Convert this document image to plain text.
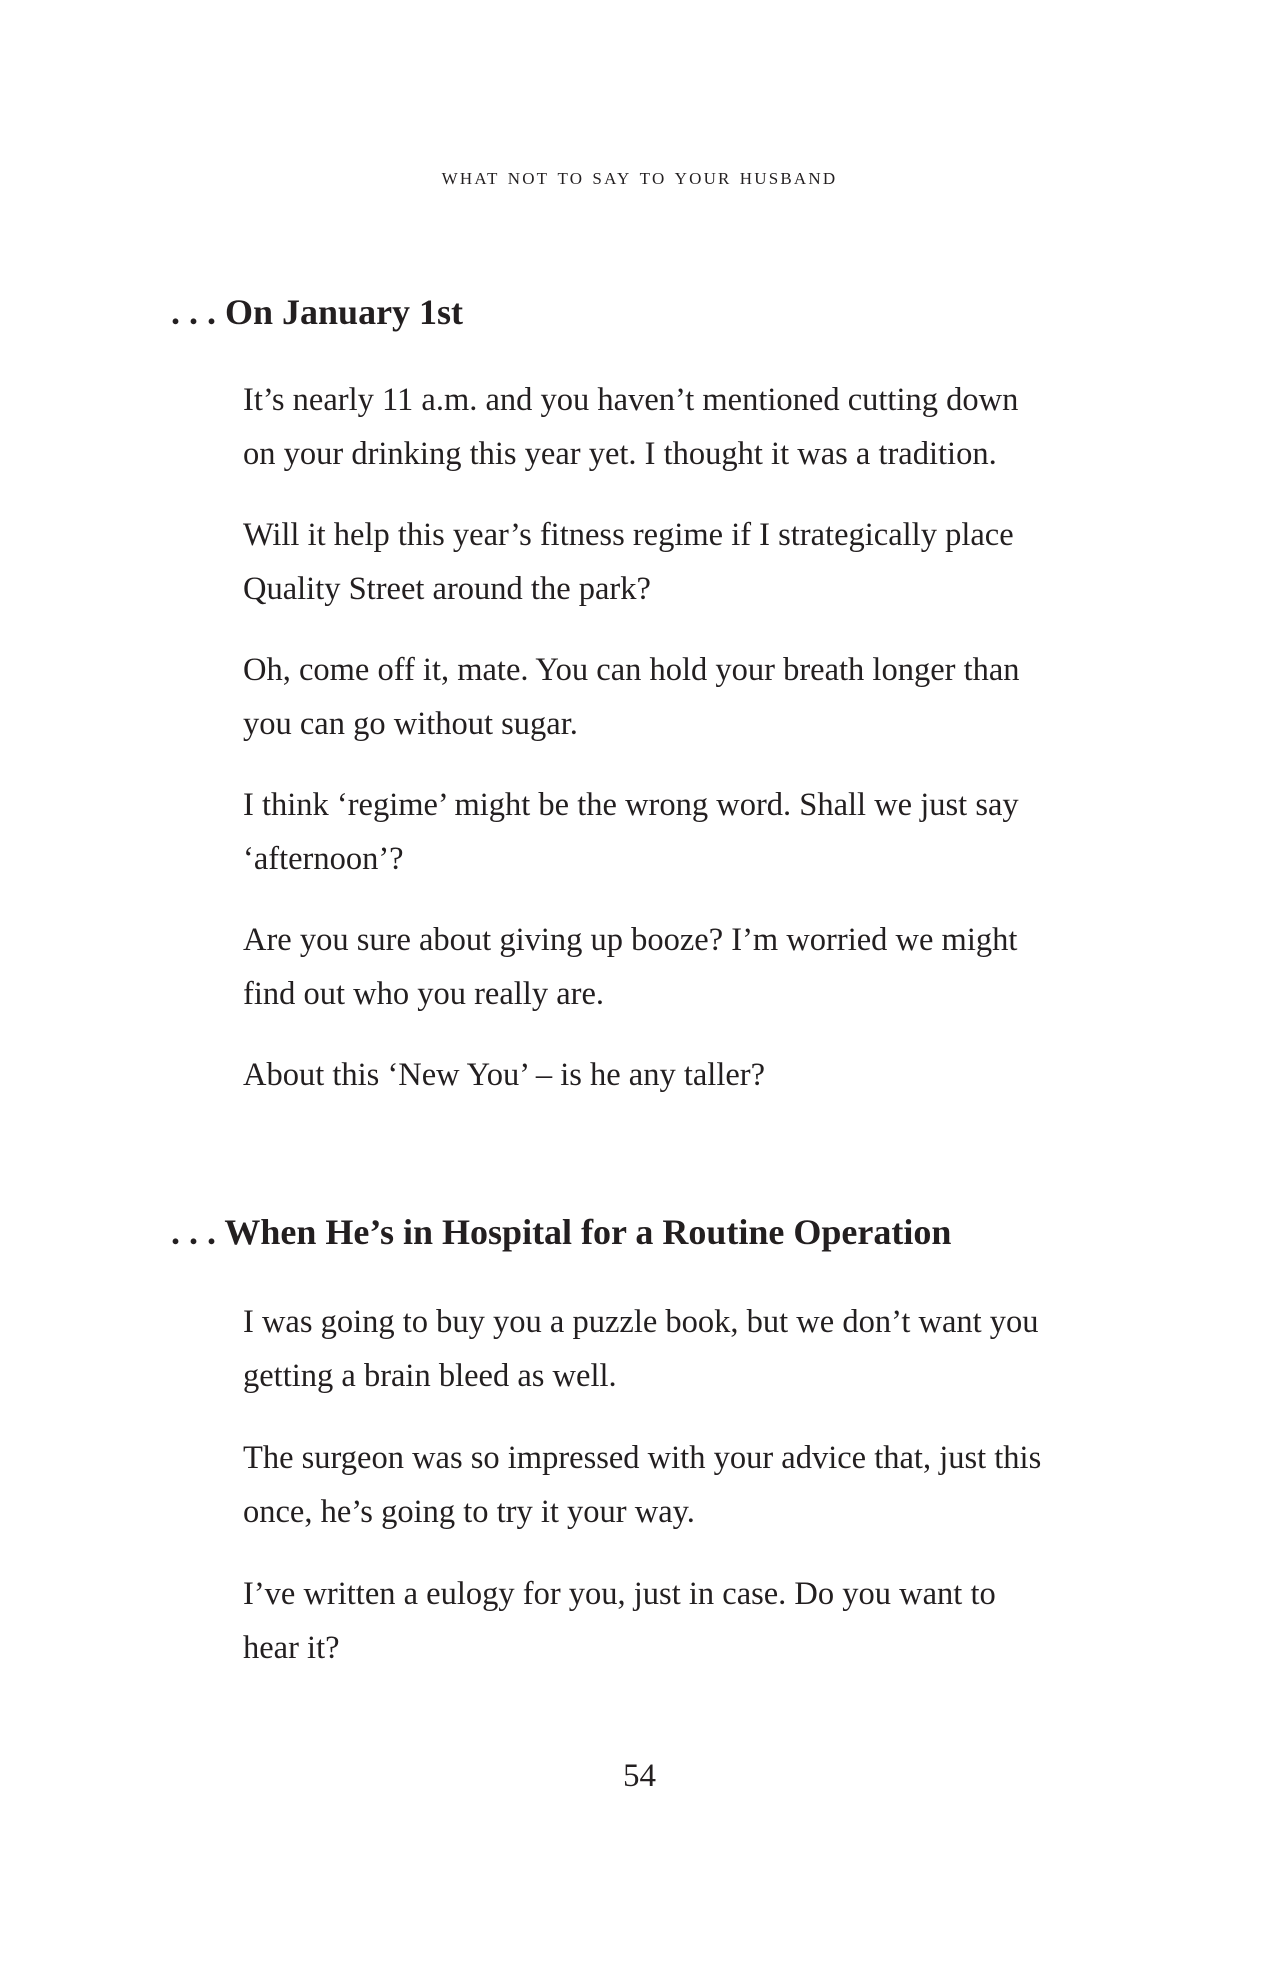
what not to say to your husband
. . . On January 1st

It’s nearly 11 a.m. and you haven’t mentioned cutting down
on your drinking this year yet. I thought it was a tradition.

Will it help this year’s fitness regime if I strategically place
Quality Street around the park?

Oh, come off it, mate. You can hold your breath longer than
you can go without sugar.

I think ‘regime’ might be the wrong word. Shall we just say
‘afternoon’?

Are you sure about giving up booze? I’m worried we might
find out who you really are.

About this ‘New You’ – is he any taller?

. . . When He’s in Hospital for a Routine Operation

I was going to buy you a puzzle book, but we don’t want you
getting a brain bleed as well.

The surgeon was so impressed with your advice that, just this
once, he’s going to try it your way.

I’ve written a eulogy for you, just in case. Do you want to
hear it?

54
